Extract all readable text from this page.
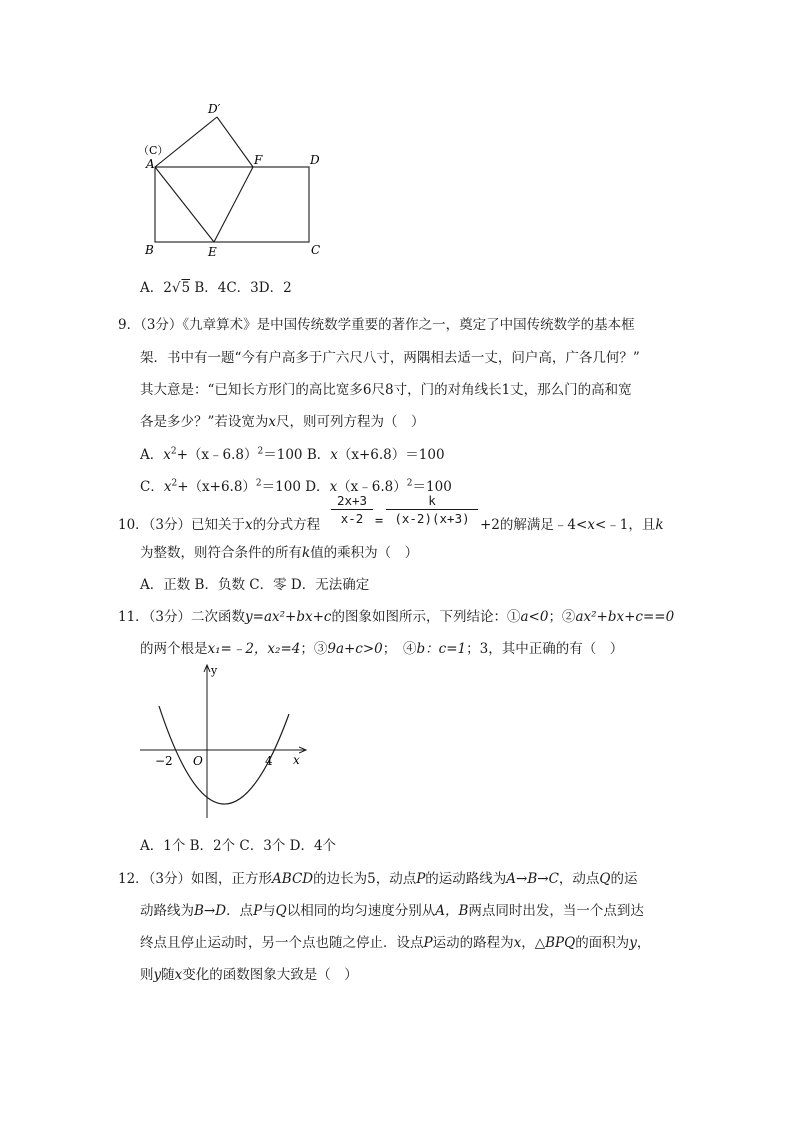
D′
（C）
A	F	D
B	E	C
A．2√5 B．4C．3D．2
9．（3分）《九章算术》是中国传统数学重要的著作之一，奠定了中国传统数学的基本框
架．书中有一题“今有户高多于广六尺八寸，两隅相去适一丈，问户高，广各几何？”
其大意是：“已知长方形门的高比宽多6尺8寸，门的对角线长1丈，那么门的高和宽
各是多少？”若设宽为x尺，则可列方程为（　）
A．$x^2+(x﹣6.8)^2=100$ B．x（x+6.8）＝100
C．$x^2+(x+6.8)^2=100$ D．x（x﹣6.8）$^2$＝100
10．（3分）已知关于x的分式方程 $\frac{2x+3}{x-2} = \frac{k}{(x-2)(x+3)} +2$的解满足﹣4<x<﹣1，且k
为整数，则符合条件的所有k值的乘积为（　）
A．正数 B．负数 C．零 D．无法确定
11．（3分）二次函数y=ax²+bx+c的图象如图所示，下列结论：①a<0；②ax²+bx+c==0
的两个根是x₁=﹣2，x₂=4；③9a+c>0；　④b：c=1；3，其中正确的有（　）
y
x
O
−2	4
A．1个 B．2个 C．3个 D．4个
12．（3分）如图，正方形ABCD的边长为5，动点P的运动路线为A→B→C，动点Q的运
动路线为B→D．点P与Q以相同的均匀速度分别从A，B两点同时出发，当一个点到达
终点且停止运动时，另一个点也随之停止．设点P运动的路程为x，△BPQ的面积为y，
则y随x变化的函数图象大致是（　）
